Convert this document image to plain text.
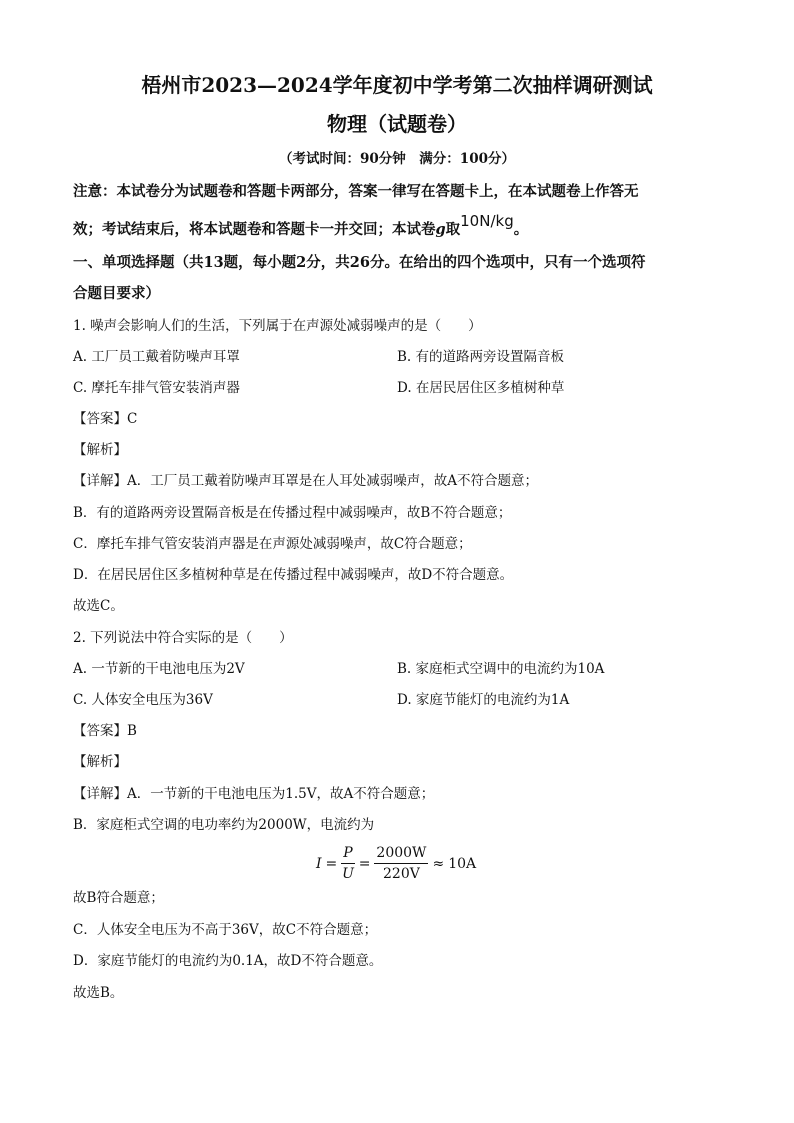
梧州市2023—2024学年度初中学考第二次抽样调研测试
物理（试题卷）
（考试时间：90分钟　满分：100分）
注意：本试卷分为试题卷和答题卡两部分，答案一律写在答题卡上，在本试题卷上作答无
效；考试结束后，将本试题卷和答题卡一并交回；本试卷g取10N/kg。
一、单项选择题（共13题，每小题2分，共26分。在给出的四个选项中，只有一个选项符
合题目要求）
1. 噪声会影响人们的生活，下列属于在声源处减弱噪声的是（　　）
A. 工厂员工戴着防噪声耳罩	B. 有的道路两旁设置隔音板
C. 摩托车排气管安装消声器	D. 在居民居住区多植树种草
【答案】C
【解析】
【详解】A．工厂员工戴着防噪声耳罩是在人耳处减弱噪声，故A不符合题意；
B．有的道路两旁设置隔音板是在传播过程中减弱噪声，故B不符合题意；
C．摩托车排气管安装消声器是在声源处减弱噪声，故C符合题意；
D．在居民居住区多植树种草是在传播过程中减弱噪声，故D不符合题意。
故选C。
2. 下列说法中符合实际的是（　　）
A. 一节新的干电池电压为2V	B. 家庭柜式空调中的电流约为10A
C. 人体安全电压为36V	D. 家庭节能灯的电流约为1A
【答案】B
【解析】
【详解】A．一节新的干电池电压为1.5V，故A不符合题意；
B．家庭柜式空调的电功率约为2000W，电流约为
$I = \frac{P}{U} = \frac{2000W}{220V} \approx 10A$
故B符合题意；
C．人体安全电压为不高于36V，故C不符合题意；
D．家庭节能灯的电流约为0.1A，故D不符合题意。
故选B。
